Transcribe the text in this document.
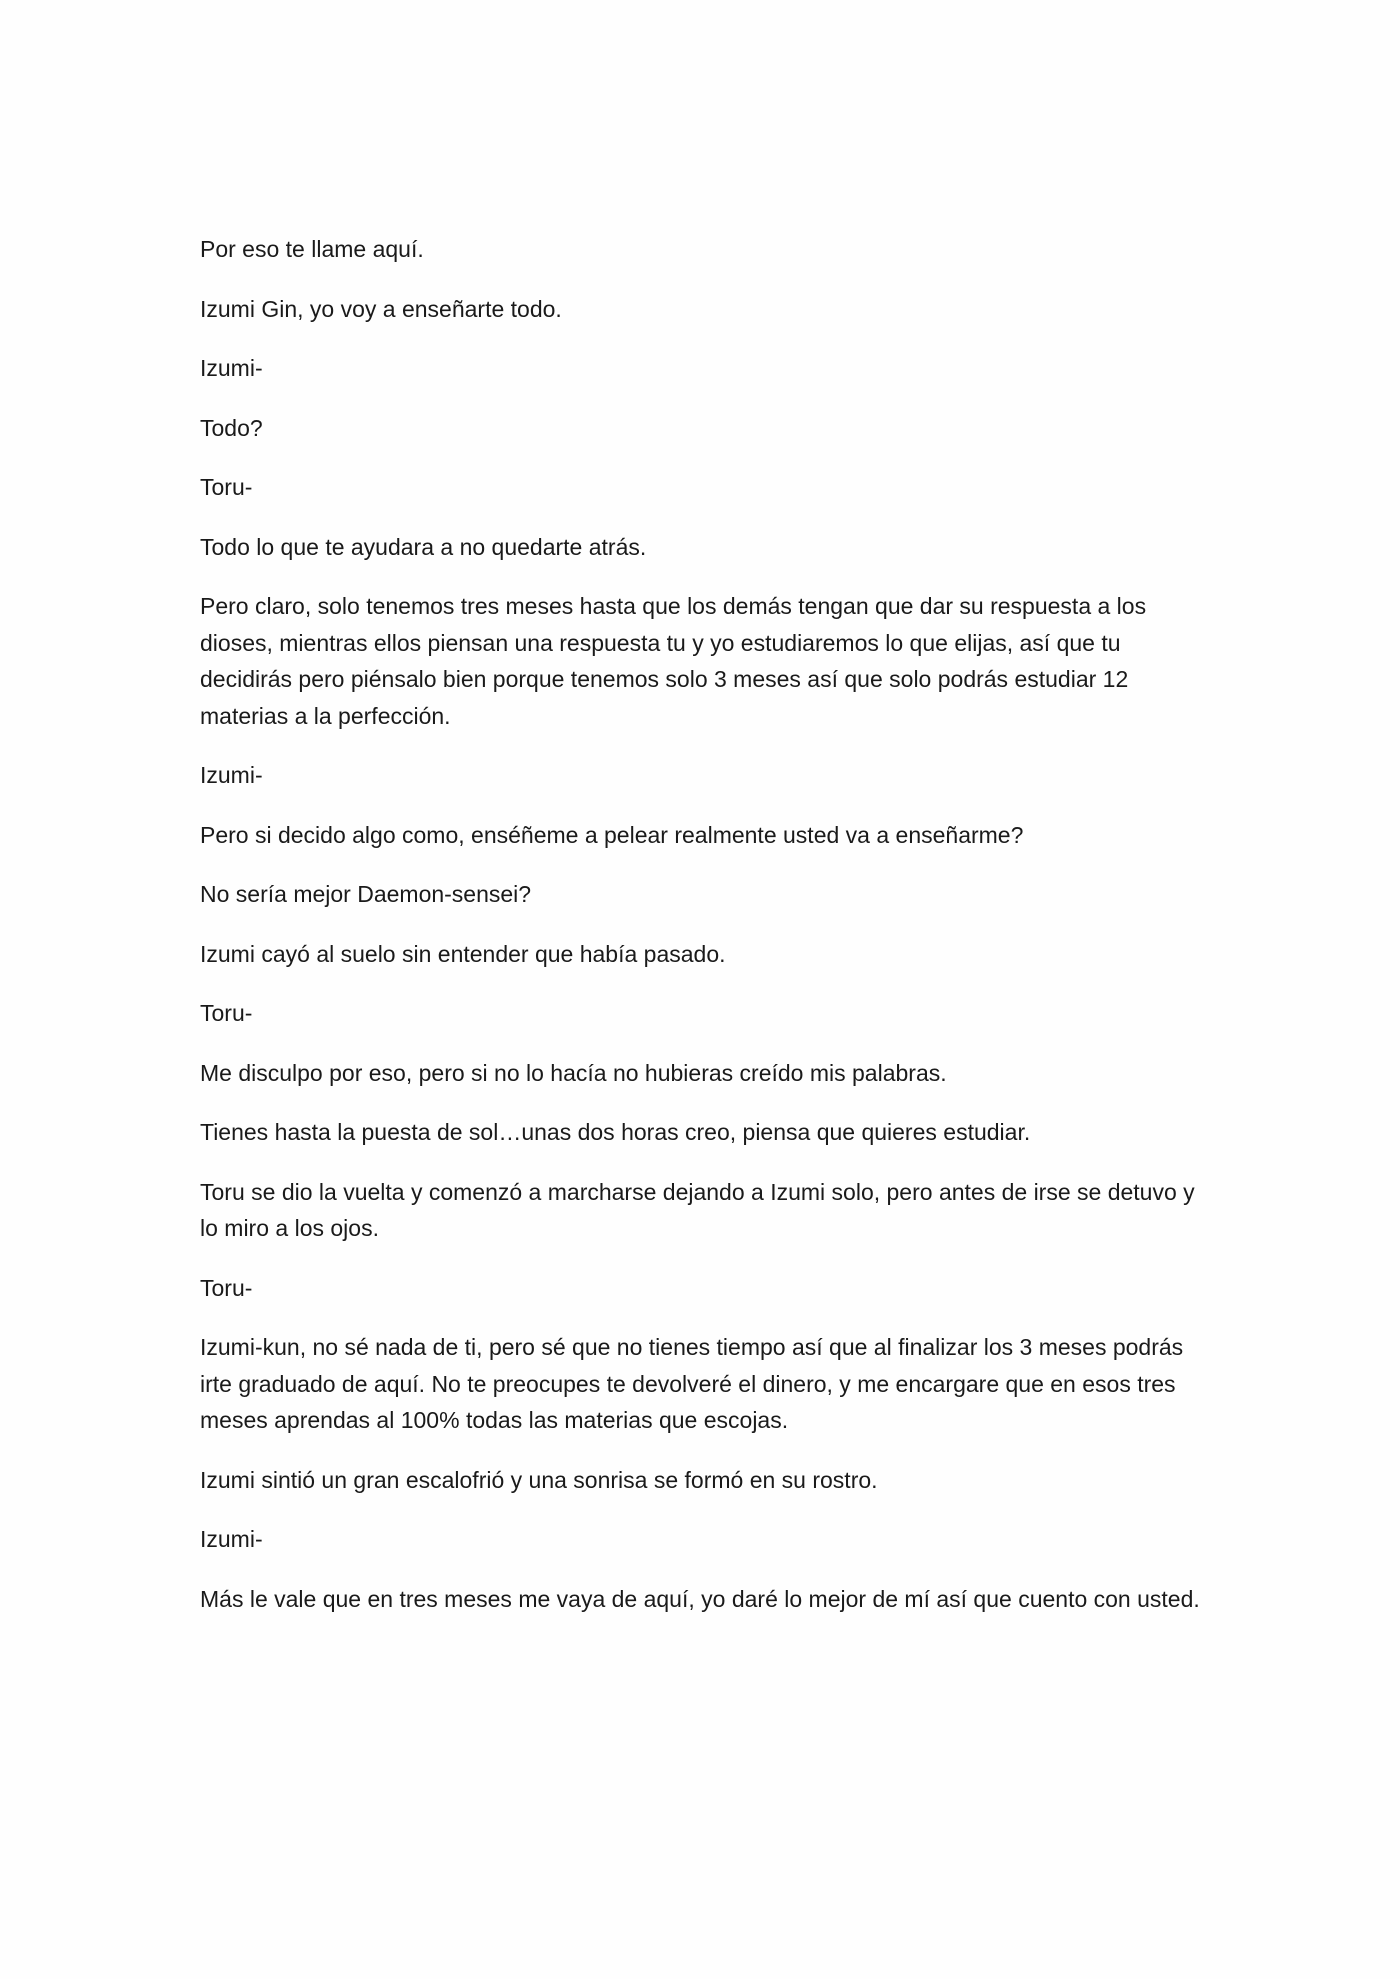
Por eso te llame aquí.

Izumi Gin, yo voy a enseñarte todo.

Izumi-

Todo?

Toru-

Todo lo que te ayudara a no quedarte atrás.

Pero claro, solo tenemos tres meses hasta que los demás tengan que dar su respuesta a los dioses, mientras ellos piensan una respuesta tu y yo estudiaremos lo que elijas, así que tu decidirás pero piénsalo bien porque tenemos solo 3 meses así que solo podrás estudiar 12 materias a la perfección.

Izumi-

Pero si decido algo como, enséñeme a pelear realmente usted va a enseñarme?

No sería mejor Daemon-sensei?

Izumi cayó al suelo sin entender que había pasado.

Toru-

Me disculpo por eso, pero si no lo hacía no hubieras creído mis palabras.

Tienes hasta la puesta de sol…unas dos horas creo, piensa que quieres estudiar.

Toru se dio la vuelta y comenzó a marcharse dejando a Izumi solo, pero antes de irse se detuvo y lo miro a los ojos.

Toru-

Izumi-kun, no sé nada de ti, pero sé que no tienes tiempo así que al finalizar los 3 meses podrás irte graduado de aquí. No te preocupes te devolveré el dinero, y me encargare que en esos tres meses aprendas al 100% todas las materias que escojas.

Izumi sintió un gran escalofrió y una sonrisa se formó en su rostro.

Izumi-

Más le vale que en tres meses me vaya de aquí, yo daré lo mejor de mí así que cuento con usted.
